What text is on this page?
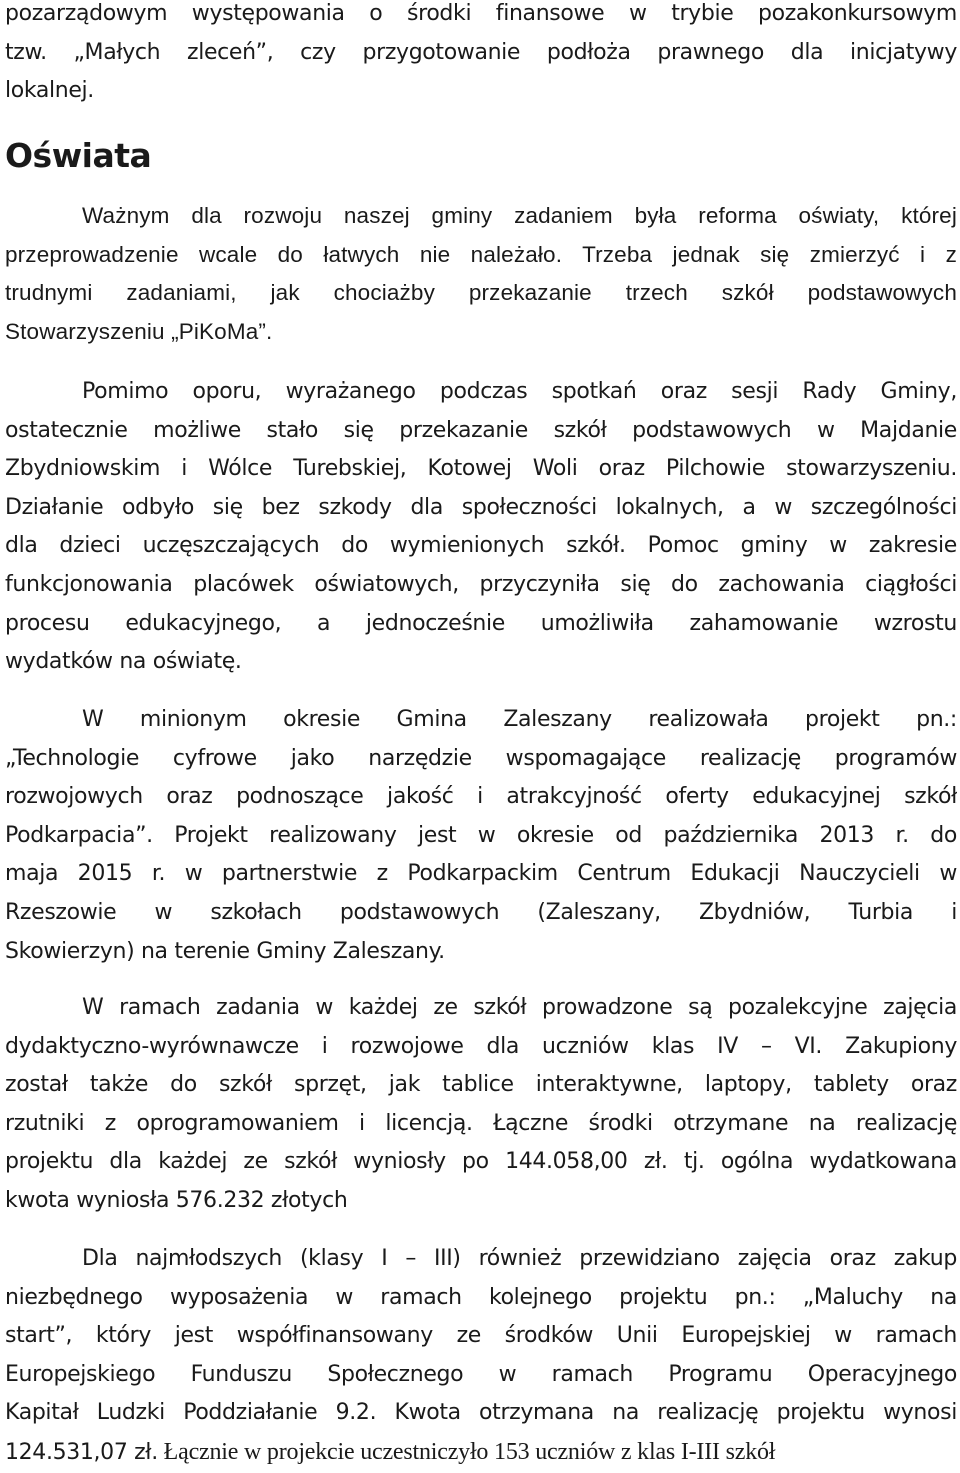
pozarządowym występowania o środki finansowe w trybie pozakonkursowym
tzw. „Małych zleceń”, czy przygotowanie podłoża prawnego dla inicjatywy
lokalnej.
Oświata
Ważnym dla rozwoju naszej gminy zadaniem była reforma oświaty, której
przeprowadzenie wcale do łatwych nie należało. Trzeba jednak się zmierzyć i z
trudnymi zadaniami, jak chociażby przekazanie trzech szkół podstawowych
Stowarzyszeniu „PiKoMa”.
Pomimo oporu, wyrażanego podczas spotkań oraz sesji Rady Gminy,
ostatecznie możliwe stało się przekazanie szkół podstawowych w Majdanie
Zbydniowskim i Wólce Turebskiej, Kotowej Woli oraz Pilchowie stowarzyszeniu.
Działanie odbyło się bez szkody dla społeczności lokalnych, a w szczególności
dla dzieci uczęszczających do wymienionych szkół. Pomoc gminy w zakresie
funkcjonowania placówek oświatowych, przyczyniła się do zachowania ciągłości
procesu edukacyjnego, a jednocześnie umożliwiła zahamowanie wzrostu
wydatków na oświatę.
W minionym okresie Gmina Zaleszany realizowała projekt pn.:
„Technologie cyfrowe jako narzędzie wspomagające realizację programów
rozwojowych oraz podnoszące jakość i atrakcyjność oferty edukacyjnej szkół
Podkarpacia”. Projekt realizowany jest w okresie od października 2013 r. do
maja 2015 r. w partnerstwie z Podkarpackim Centrum Edukacji Nauczycieli w
Rzeszowie w szkołach podstawowych (Zaleszany, Zbydniów, Turbia i
Skowierzyn) na terenie Gminy Zaleszany.
W ramach zadania w każdej ze szkół prowadzone są pozalekcyjne zajęcia
dydaktyczno-wyrównawcze i rozwojowe dla uczniów klas IV – VI. Zakupiony
został także do szkół sprzęt, jak tablice interaktywne, laptopy, tablety oraz
rzutniki z oprogramowaniem i licencją. Łączne środki otrzymane na realizację
projektu dla każdej ze szkół wyniosły po 144.058,00 zł. tj. ogólna wydatkowana
kwota wyniosła 576.232 złotych
Dla najmłodszych (klasy I – III) również przewidziano zajęcia oraz zakup
niezbędnego wyposażenia w ramach kolejnego projektu pn.: „Maluchy na
start”, który jest współfinansowany ze środków Unii Europejskiej w ramach
Europejskiego Funduszu Społecznego w ramach Programu Operacyjnego
Kapitał Ludzki Poddziałanie 9.2. Kwota otrzymana na realizację projektu wynosi
124.531,07 zł. Łącznie w projekcie uczestniczyło 153 uczniów z klas I-III szkół
